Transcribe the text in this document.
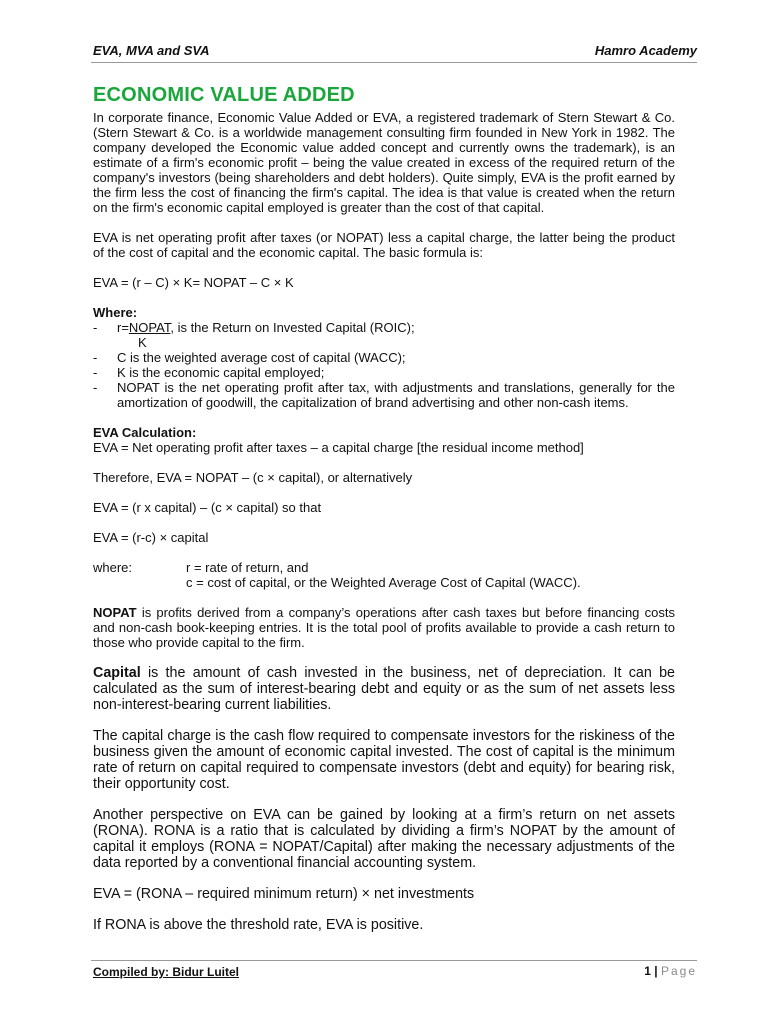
EVA, MVA and SVA	Hamro Academy
ECONOMIC VALUE ADDED

In corporate finance, Economic Value Added or EVA, a registered trademark of Stern Stewart & Co. (Stern Stewart & Co. is a worldwide management consulting firm founded in New York in 1982. The company developed the Economic value added concept and currently owns the trademark), is an estimate of a firm's economic profit – being the value created in excess of the required return of the company's investors (being shareholders and debt holders). Quite simply, EVA is the profit earned by the firm less the cost of financing the firm's capital. The idea is that value is created when the return on the firm's economic capital employed is greater than the cost of that capital.

EVA is net operating profit after taxes (or NOPAT) less a capital charge, the latter being the product of the cost of capital and the economic capital. The basic formula is:

EVA = (r – C) × K= NOPAT – C × K

Where:

-	r=NOPAT, is the Return on Invested Capital (ROIC);
K
-	C is the weighted average cost of capital (WACC);
-	K is the economic capital employed;
-	NOPAT is the net operating profit after tax, with adjustments and translations, generally for the amortization of goodwill, the capitalization of brand advertising and other non-cash items.

EVA Calculation:

EVA = Net operating profit after taxes – a capital charge [the residual income method]

Therefore, EVA = NOPAT – (c × capital), or alternatively

EVA = (r x capital) – (c × capital) so that

EVA = (r-c) × capital

where:	r = rate of return, and
c = cost of capital, or the Weighted Average Cost of Capital (WACC).

NOPAT is profits derived from a company’s operations after cash taxes but before financing costs and non-cash book-keeping entries. It is the total pool of profits available to provide a cash return to those who provide capital to the firm.

Capital is the amount of cash invested in the business, net of depreciation. It can be calculated as the sum of interest-bearing debt and equity or as the sum of net assets less non-interest-bearing current liabilities.

The capital charge is the cash flow required to compensate investors for the riskiness of the business given the amount of economic capital invested. The cost of capital is the minimum rate of return on capital required to compensate investors (debt and equity) for bearing risk, their opportunity cost.

Another perspective on EVA can be gained by looking at a firm’s return on net assets (RONA). RONA is a ratio that is calculated by dividing a firm’s NOPAT by the amount of capital it employs (RONA = NOPAT/Capital) after making the necessary adjustments of the data reported by a conventional financial accounting system.

EVA = (RONA – required minimum return) × net investments

If RONA is above the threshold rate, EVA is positive.

Compiled by: Bidur Luitel	1 | Page
